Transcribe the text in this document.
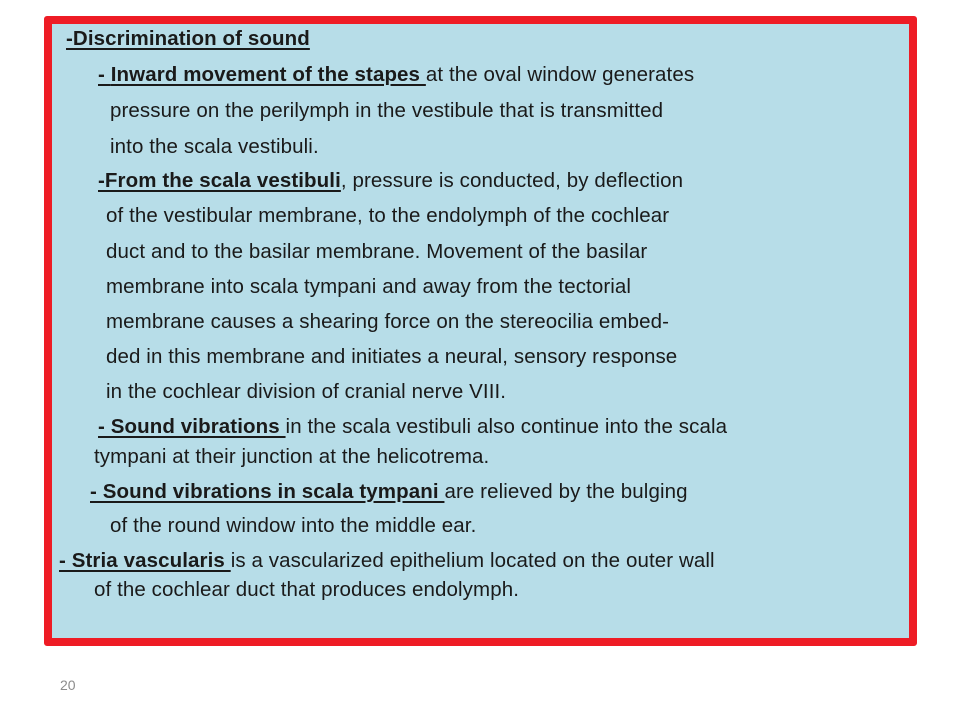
-Discrimination of sound
- Inward movement of the stapes at the oval window generates
pressure on the perilymph in the vestibule that is transmitted
into the scala vestibuli.
-From the scala vestibuli, pressure is conducted, by deflection
of the vestibular membrane, to the endolymph of the cochlear
duct and to the basilar membrane. Movement of the basilar
membrane into scala tympani and away from the tectorial
membrane causes a shearing force on the stereocilia embed-
ded in this membrane and initiates a neural, sensory response
in the cochlear division of cranial nerve VIII.
- Sound vibrations in the scala vestibuli also continue into the scala
tympani at their junction at the helicotrema.
- Sound vibrations in scala tympani are relieved by the bulging
of the round window into the middle ear.
- Stria vascularis is a vascularized epithelium located on the outer wall
of the cochlear duct that produces endolymph.
20
